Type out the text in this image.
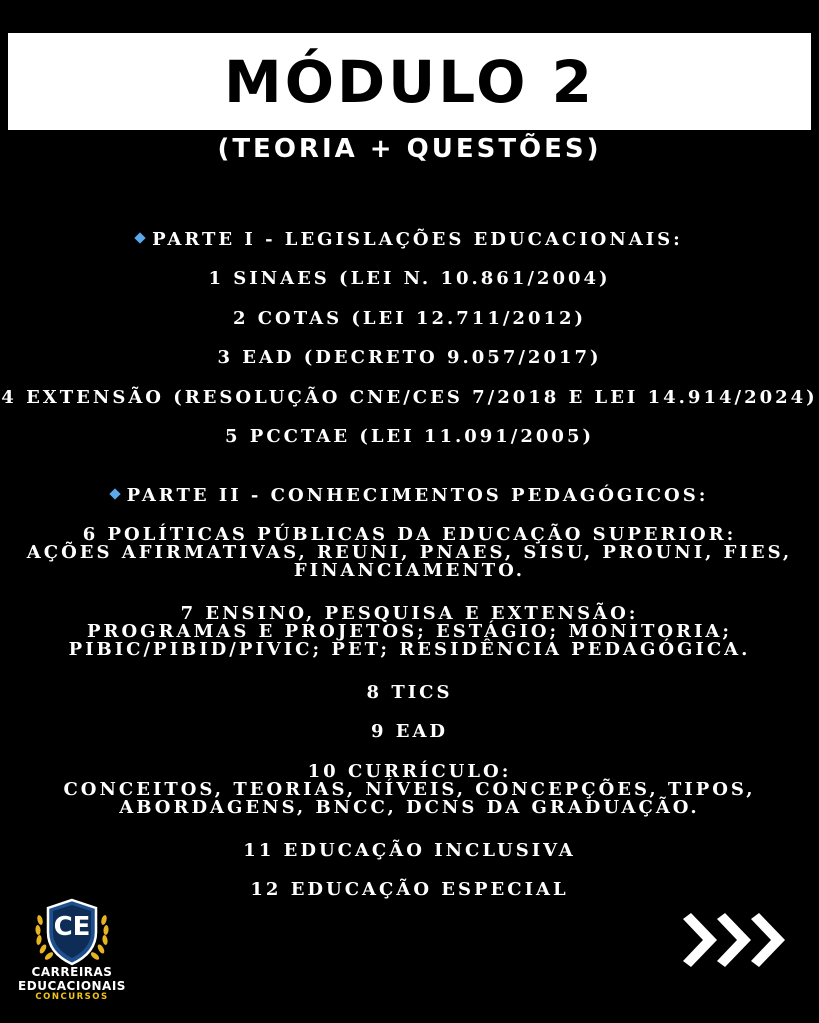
MÓDULO 2
(TEORIA + QUESTÕES)
PARTE I - LEGISLAÇÕES EDUCACIONAIS:
1 SINAES (LEI N. 10.861/2004)
2 COTAS (LEI 12.711/2012)
3 EAD (DECRETO 9.057/2017)
4 EXTENSÃO (RESOLUÇÃO CNE/CES 7/2018 E LEI 14.914/2024)
5 PCCTAE (LEI 11.091/2005)
PARTE II - CONHECIMENTOS PEDAGÓGICOS:
6 POLÍTICAS PÚBLICAS DA EDUCAÇÃO SUPERIOR:
AÇÕES AFIRMATIVAS, REUNI, PNAES, SISU, PROUNI, FIES,
FINANCIAMENTO.
7 ENSINO, PESQUISA E EXTENSÃO:
PROGRAMAS E PROJETOS; ESTÁGIO; MONITORIA;
PIBIC/PIBID/PIVIC; PET; RESIDÊNCIA PEDAGÓGICA.
8 TICS
9 EAD
10 CURRÍCULO:
CONCEITOS, TEORIAS, NÍVEIS, CONCEPÇÕES, TIPOS,
ABORDAGENS, BNCC, DCNS DA GRADUAÇÃO.
11 EDUCAÇÃO INCLUSIVA
12 EDUCAÇÃO ESPECIAL
CE
CARREIRAS
EDUCACIONAIS
CONCURSOS
